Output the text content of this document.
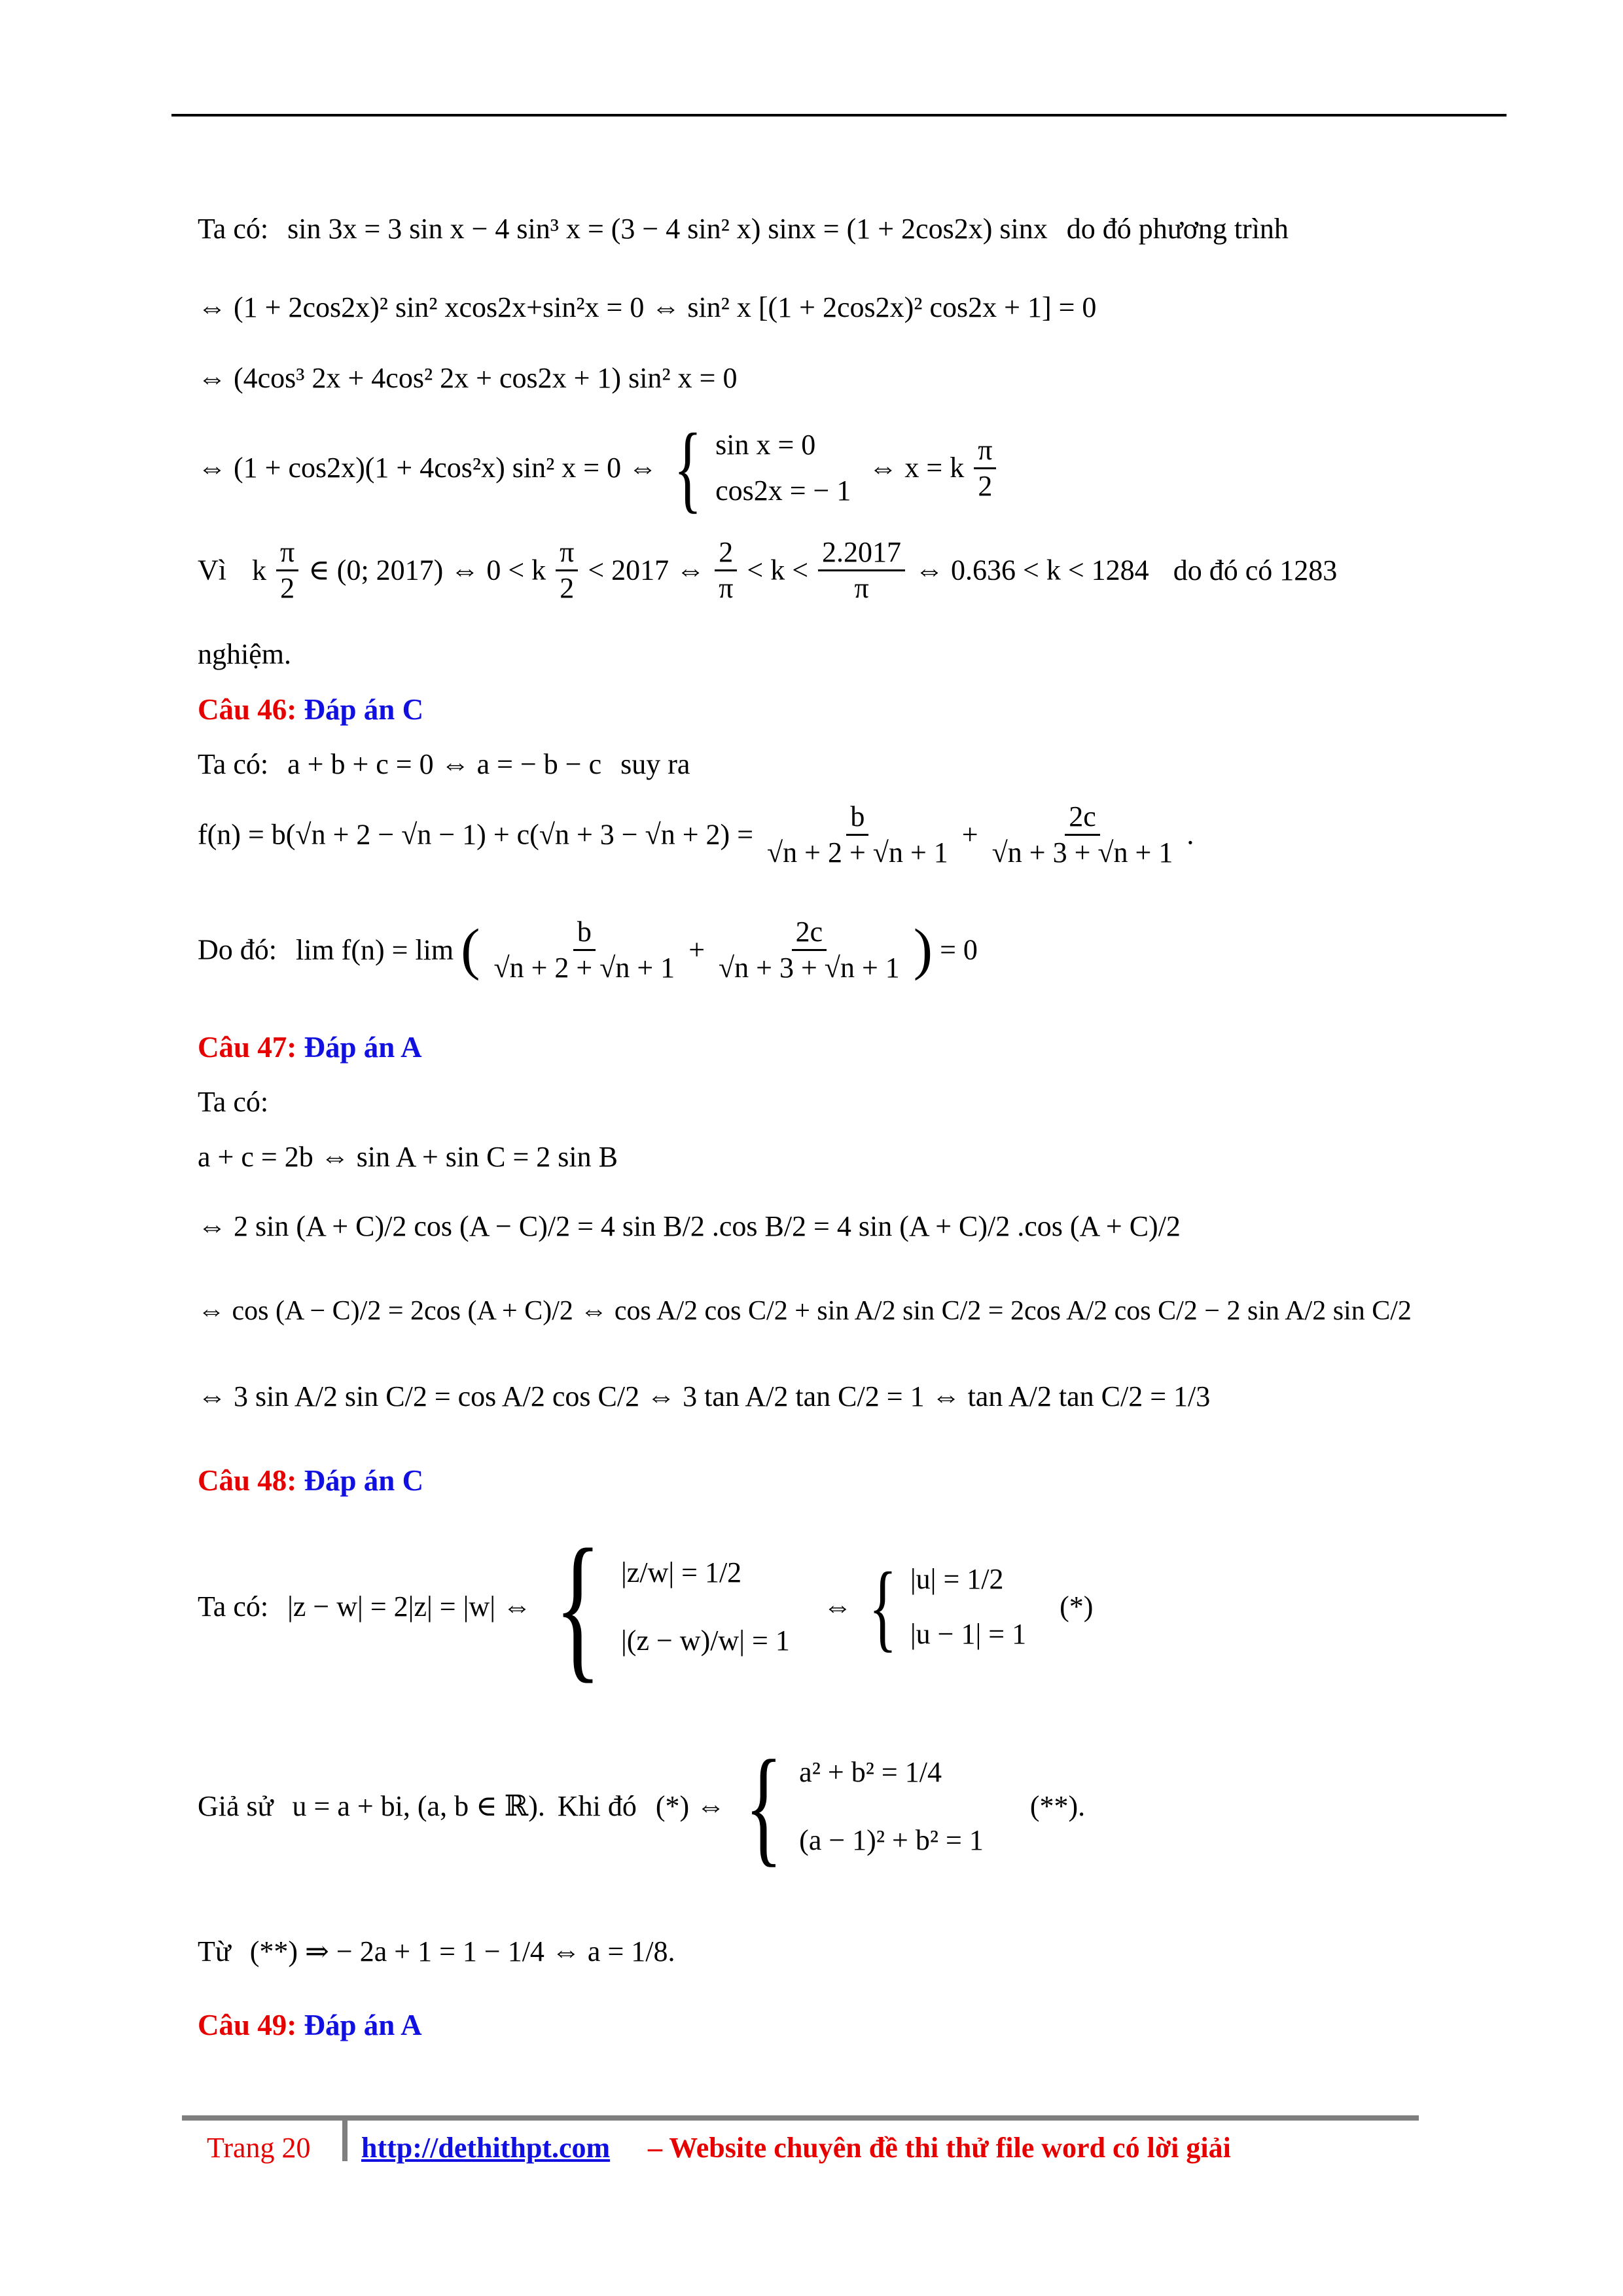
Ta có: sin 3x = 3 sin x − 4 sin³ x = (3 − 4 sin² x) sinx = (1 + 2cos2x) sinx do đó phương trình
⇔ (1 + 2cos2x)² sin² xcos2x+sin²x = 0 ⇔ sin² x [(1 + 2cos2x)² cos2x + 1] = 0
⇔ (4cos³ 2x + 4cos² 2x + cos2x + 1) sin² x = 0
⇔ (1 + cos2x)(1 + 4cos²x) sin² x = 0 ⇔ { sin x = 0
cos2x = − 1
⇔ x = k $\frac{\pi}{2}$
Vì k $\frac{\pi}{2}$ ∈ (0; 2017) ⇔ 0 < k $\frac{\pi}{2} < 2017$ ⇔ $\frac{2}{\pi} < k < \frac{2.2017}{\pi}$ ⇔ 0.636 < k < 1284 do đó có 1283
nghiệm.
Câu 46: Đáp án C
Ta có: a + b + c = 0 ⇔ a = − b − c suy ra
$f(n) = b(√n + 2 - √n - 1) + c(√n + 3 - √n + 2) = \frac{b}{√n + 2 + √n + 1} + \frac{2c}{√n + 3 + √n + 1}$ .
Do đó: lim f(n) = lim ( $\frac{b}{√n + 2 + √n + 1} + \frac{2c}{√n + 3 + √n + 1}$ ) = 0
Câu 47: Đáp án A
Ta có:
a + c = 2b ⇔ sin A + sin C = 2 sin B
⇔ 2 sin (A + C)/2 cos (A − C)/2 = 4 sin B/2 .cos B/2 = 4 sin (A + C)/2 .cos (A + C)/2
⇔ cos (A − C)/2 = 2cos (A + C)/2 ⇔ cos A/2 cos C/2 + sin A/2 sin C/2 = 2cos A/2 cos C/2 − 2 sin A/2 sin C/2
⇔ 3 sin A/2 sin C/2 = cos A/2 cos C/2 ⇔ 3 tan A/2 tan C/2 = 1 ⇔ tan A/2 tan C/2 = 1/3
Câu 48: Đáp án C
Ta có: |z − w| = 2|z| = |w| ⇔ { |z/w| = 1/2
|(z − w)/w| = 1
⇔ { |u| = 1/2
|u − 1| = 1
(*)
Giả sử u = a + bi, (a, b ∈ ℝ). Khi đó (*) ⇔ { a² + b² = 1/4
(a − 1)² + b² = 1
(**).
Từ (**) ⇒ − 2a + 1 = 1 − 1/4 ⇔ a = 1/8.
Câu 49: Đáp án A
Trang 20 http://dethithpt.com – Website chuyên đề thi thử file word có lời giải
